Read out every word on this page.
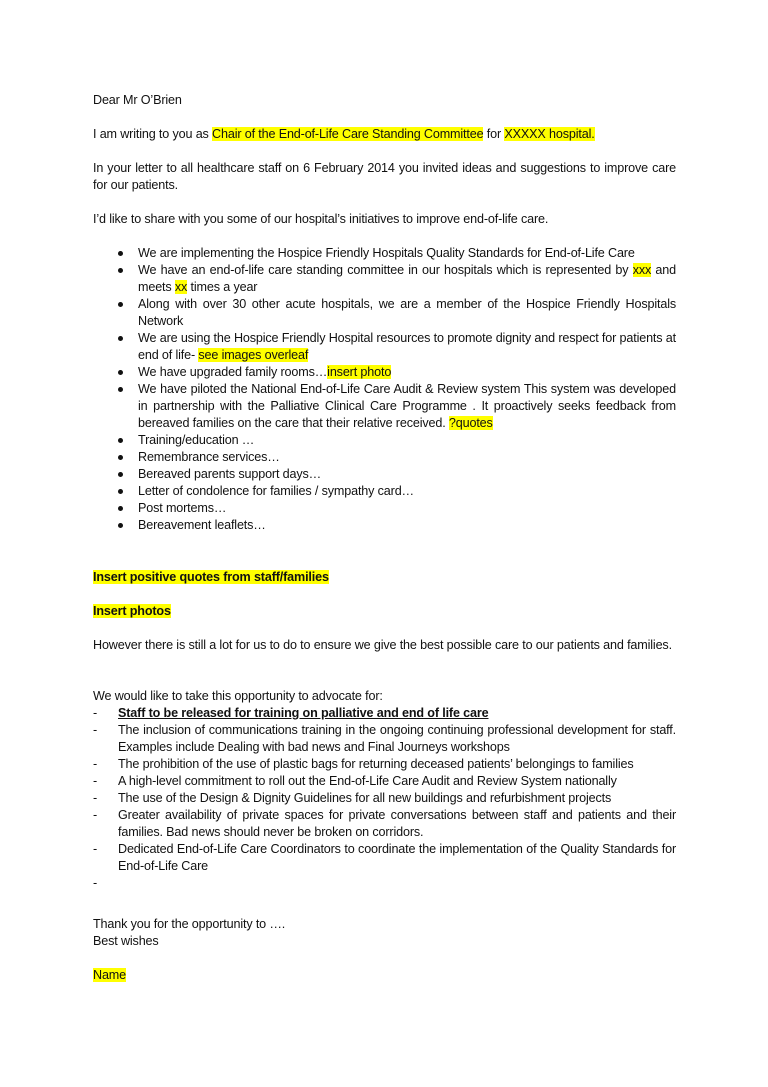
Dear Mr O’Brien

I am writing to you as Chair of the End-of-Life Care Standing Committee for XXXXX hospital.

In your letter to all healthcare staff on 6 February 2014 you invited ideas and suggestions to improve care for our patients.

I’d like to share with you some of our hospital’s initiatives to improve end-of-life care.

We are implementing the Hospice Friendly Hospitals Quality Standards for End-of-Life Care
We have an end-of-life care standing committee in our hospitals which is represented by xxx and meets xx times a year
Along with over 30 other acute hospitals, we are a member of the Hospice Friendly Hospitals Network
We are using the Hospice Friendly Hospital resources to promote dignity and respect for patients at end of life- see images overleaf
We have upgraded family rooms…insert photo
We have piloted the National End-of-Life Care Audit & Review system This system was developed in partnership with the Palliative Clinical Care Programme . It proactively seeks feedback from bereaved families on the care that their relative received. ?quotes
Training/education …
Remembrance services…
Bereaved parents support days…
Letter of condolence for families / sympathy card…
Post mortems…
Bereavement leaflets…

Insert positive quotes from staff/families

Insert photos

However there is still a lot for us to do to ensure we give the best possible care to our patients and families.

We would like to take this opportunity to advocate for:

- Staff to be released for training on palliative and end of life care
- The inclusion of communications training in the ongoing continuing professional development for staff. Examples include Dealing with bad news and Final Journeys workshops
- The prohibition of the use of plastic bags for returning deceased patients’ belongings to families
- A high-level commitment to roll out the End-of-Life Care Audit and Review System nationally
- The use of the Design & Dignity Guidelines for all new buildings and refurbishment projects
- Greater availability of private spaces for private conversations between staff and patients and their families. Bad news should never be broken on corridors.
- Dedicated End-of-Life Care Coordinators to coordinate the implementation of the Quality Standards for End-of-Life Care
-

Thank you for the opportunity to ….

Best wishes

Name
